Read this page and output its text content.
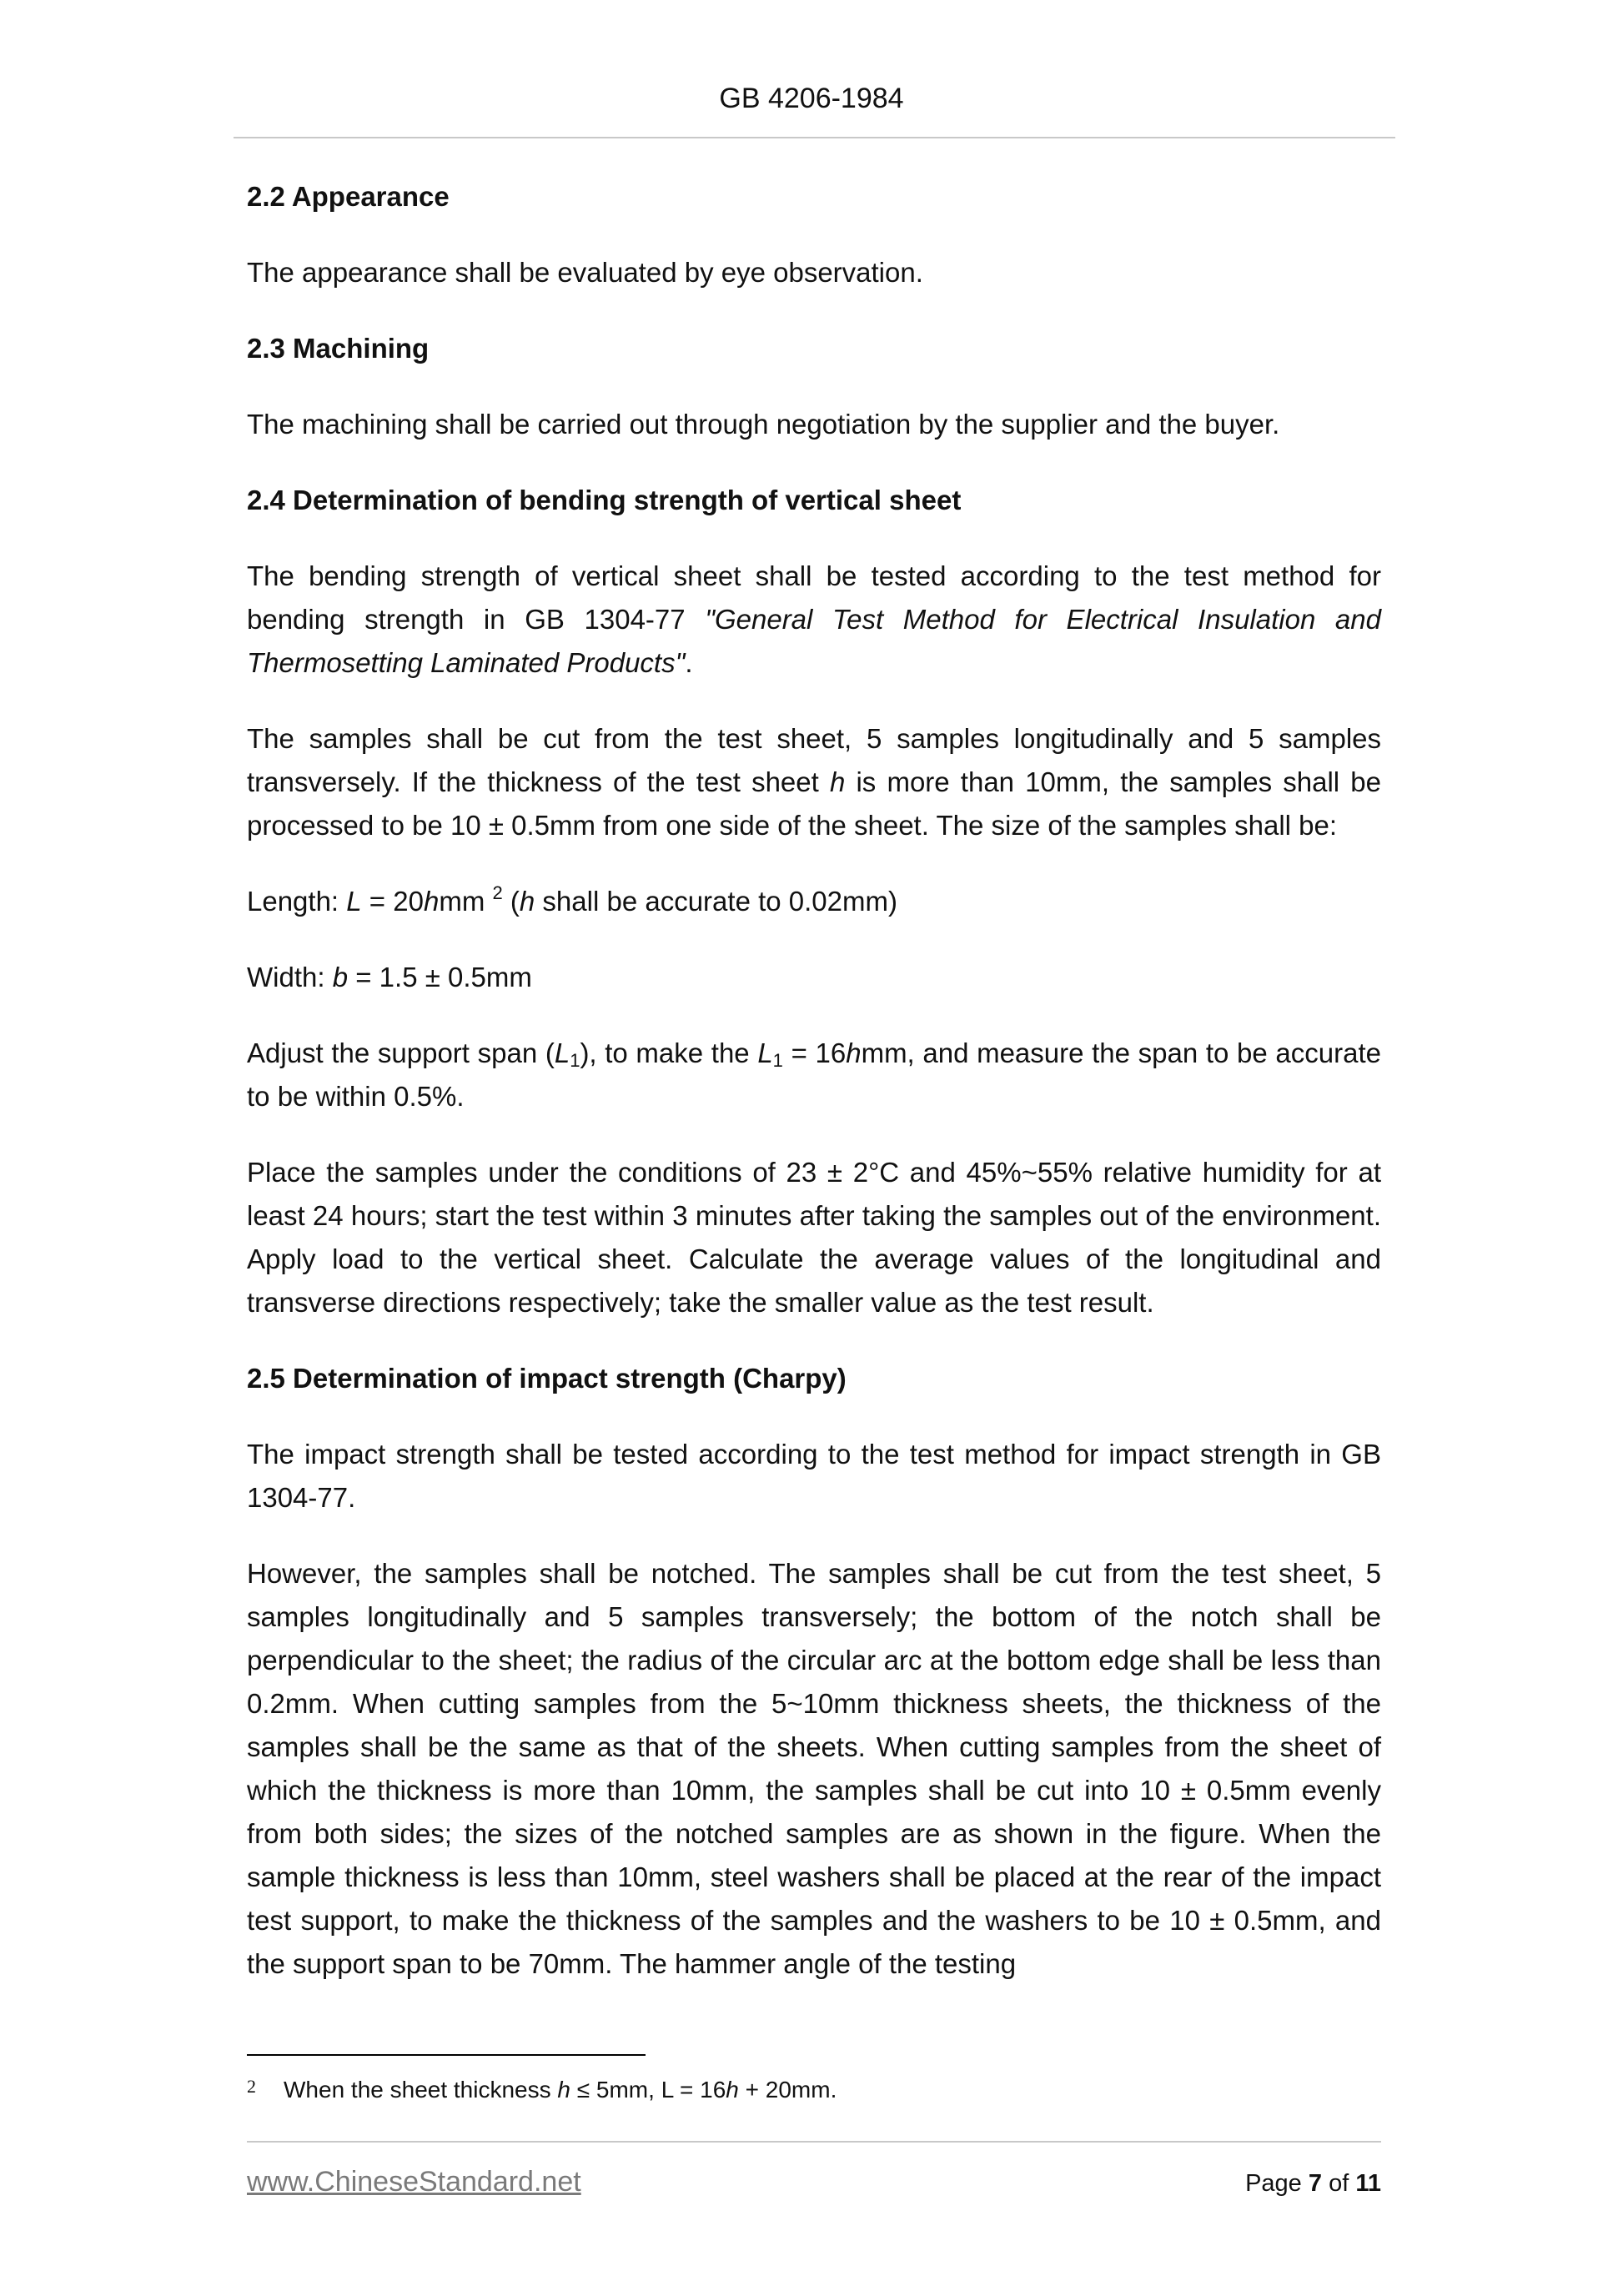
GB 4206-1984
2.2 Appearance

The appearance shall be evaluated by eye observation.

2.3 Machining

The machining shall be carried out through negotiation by the supplier and the buyer.

2.4 Determination of bending strength of vertical sheet

The bending strength of vertical sheet shall be tested according to the test method for bending strength in GB 1304-77 "General Test Method for Electrical Insulation and Thermosetting Laminated Products".

The samples shall be cut from the test sheet, 5 samples longitudinally and 5 samples transversely. If the thickness of the test sheet h is more than 10mm, the samples shall be processed to be 10 ± 0.5mm from one side of the sheet. The size of the samples shall be:

Length: L = 20hmm $^2$ (h shall be accurate to 0.02mm)

Width: b = 1.5 ± 0.5mm

Adjust the support span $(L_1)$, to make the $L_1 = 16hmm$, and measure the span to be accurate to be within 0.5%.

Place the samples under the conditions of 23 ± 2°C and 45%~55% relative humidity for at least 24 hours; start the test within 3 minutes after taking the samples out of the environment. Apply load to the vertical sheet. Calculate the average values of the longitudinal and transverse directions respectively; take the smaller value as the test result.

2.5 Determination of impact strength (Charpy)

The impact strength shall be tested according to the test method for impact strength in GB 1304-77.

However, the samples shall be notched. The samples shall be cut from the test sheet, 5 samples longitudinally and 5 samples transversely; the bottom of the notch shall be perpendicular to the sheet; the radius of the circular arc at the bottom edge shall be less than 0.2mm. When cutting samples from the 5~10mm thickness sheets, the thickness of the samples shall be the same as that of the sheets. When cutting samples from the sheet of which the thickness is more than 10mm, the samples shall be cut into 10 ± 0.5mm evenly from both sides; the sizes of the notched samples are as shown in the figure. When the sample thickness is less than 10mm, steel washers shall be placed at the rear of the impact test support, to make the thickness of the samples and the washers to be 10 ± 0.5mm, and the support span to be 70mm. The hammer angle of the testing

2 When the sheet thickness h ≤ 5mm, L = 16h + 20mm.
www.ChineseStandard.net	Page 7 of 11
